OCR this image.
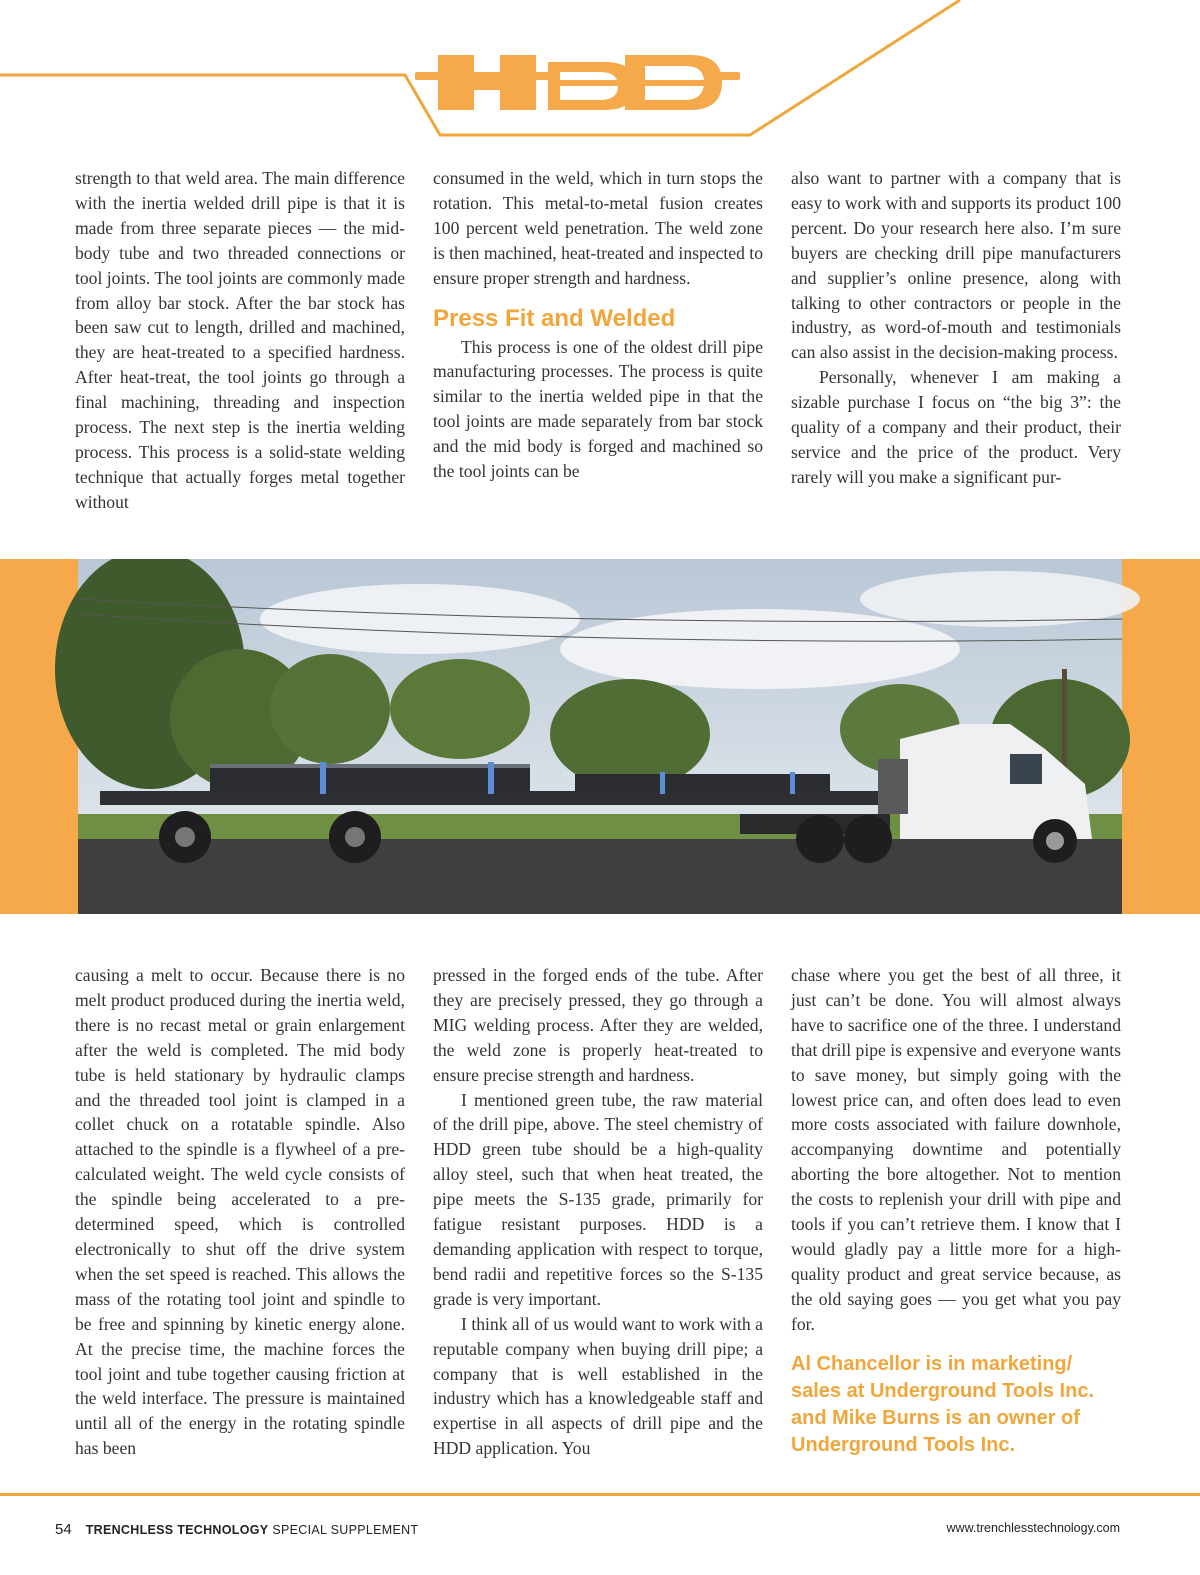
HDD

strength to that weld area. The main difference with the inertia welded drill pipe is that it is made from three separate pieces — the mid-body tube and two threaded connections or tool joints. The tool joints are commonly made from alloy bar stock. After the bar stock has been saw cut to length, drilled and machined, they are heat-treated to a specified hardness. After heat-treat, the tool joints go through a final machining, threading and inspection process. The next step is the inertia welding process. This process is a solid-state welding technique that actually forges metal together without

consumed in the weld, which in turn stops the rotation. This metal-to-metal fusion creates 100 percent weld penetration. The weld zone is then machined, heat-treated and inspected to ensure proper strength and hardness.

Press Fit and Welded

This process is one of the oldest drill pipe manufacturing processes. The process is quite similar to the inertia welded pipe in that the tool joints are made separately from bar stock and the mid body is forged and machined so the tool joints can be

also want to partner with a company that is easy to work with and supports its product 100 percent. Do your research here also. I’m sure buyers are checking drill pipe manufacturers and supplier’s online presence, along with talking to other contractors or people in the industry, as word-of-mouth and testimonials can also assist in the decision-making process.

Personally, whenever I am making a sizable purchase I focus on “the big 3”: the quality of a company and their product, their service and the price of the product. Very rarely will you make a significant pur-

causing a melt to occur. Because there is no melt product produced during the inertia weld, there is no recast metal or grain enlargement after the weld is completed. The mid body tube is held stationary by hydraulic clamps and the threaded tool joint is clamped in a collet chuck on a rotatable spindle. Also attached to the spindle is a flywheel of a pre-calculated weight. The weld cycle consists of the spindle being accelerated to a pre-determined speed, which is controlled electronically to shut off the drive system when the set speed is reached. This allows the mass of the rotating tool joint and spindle to be free and spinning by kinetic energy alone. At the precise time, the machine forces the tool joint and tube together causing friction at the weld interface. The pressure is maintained until all of the energy in the rotating spindle has been

pressed in the forged ends of the tube. After they are precisely pressed, they go through a MIG welding process. After they are welded, the weld zone is properly heat-treated to ensure precise strength and hardness.

I mentioned green tube, the raw material of the drill pipe, above. The steel chemistry of HDD green tube should be a high-quality alloy steel, such that when heat treated, the pipe meets the S-135 grade, primarily for fatigue resistant purposes. HDD is a demanding application with respect to torque, bend radii and repetitive forces so the S-135 grade is very important.

I think all of us would want to work with a reputable company when buying drill pipe; a company that is well established in the industry which has a knowledgeable staff and expertise in all aspects of drill pipe and the HDD application. You

chase where you get the best of all three, it just can’t be done. You will almost always have to sacrifice one of the three. I understand that drill pipe is expensive and everyone wants to save money, but simply going with the lowest price can, and often does lead to even more costs associated with failure downhole, accompanying downtime and potentially aborting the bore altogether. Not to mention the costs to replenish your drill with pipe and tools if you can’t retrieve them. I know that I would gladly pay a little more for a high-quality product and great service because, as the old saying goes — you get what you pay for.

Al Chancellor is in marketing/ sales at Underground Tools Inc. and Mike Burns is an owner of Underground Tools Inc.
54 TRENCHLESS TECHNOLOGY SPECIAL SUPPLEMENT	www.trenchlesstechnology.com
